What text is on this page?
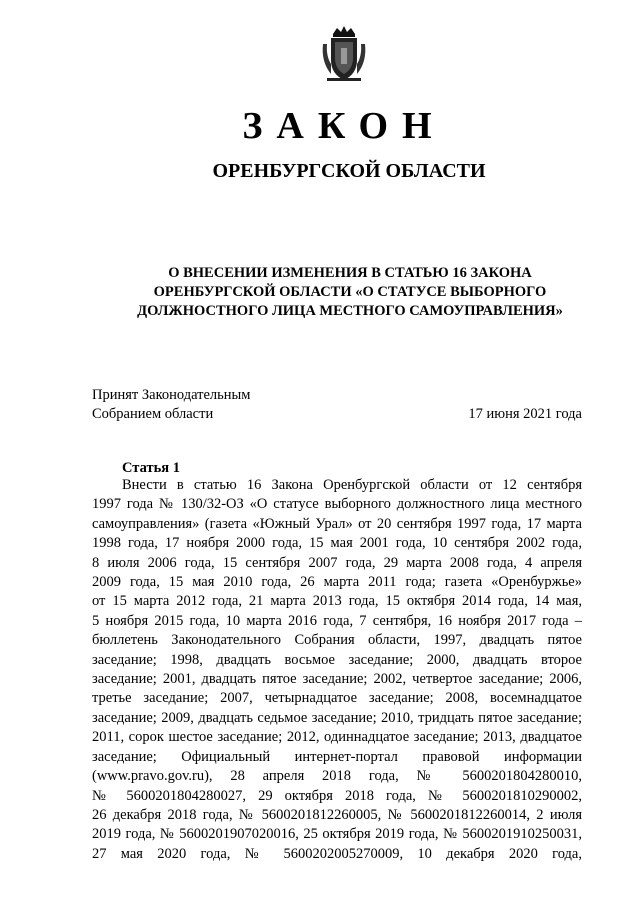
ЗАКОН
ОРЕНБУРГСКОЙ ОБЛАСТИ
О ВНЕСЕНИИ ИЗМЕНЕНИЯ В СТАТЬЮ 16 ЗАКОНА
ОРЕНБУРГСКОЙ ОБЛАСТИ «О СТАТУСЕ ВЫБОРНОГО
ДОЛЖНОСТНОГО ЛИЦА МЕСТНОГО САМОУПРАВЛЕНИЯ»
Принят Законодательным
Собранием области	17 июня 2021 года
Статья 1
Внести в статью 16 Закона Оренбургской области от 12 сентября
1997 года № 130/32-ОЗ «О статусе выборного должностного лица местного
самоуправления» (газета «Южный Урал» от 20 сентября 1997 года, 17 марта
1998 года, 17 ноября 2000 года, 15 мая 2001 года, 10 сентября 2002 года,
8 июля 2006 года, 15 сентября 2007 года, 29 марта 2008 года, 4 апреля
2009 года, 15 мая 2010 года, 26 марта 2011 года; газета «Оренбуржье»
от 15 марта 2012 года, 21 марта 2013 года, 15 октября 2014 года, 14 мая,
5 ноября 2015 года, 10 марта 2016 года, 7 сентября, 16 ноября 2017 года –
бюллетень Законодательного Собрания области, 1997, двадцать пятое
заседание; 1998, двадцать восьмое заседание; 2000, двадцать второе
заседание; 2001, двадцать пятое заседание; 2002, четвертое заседание; 2006,
третье заседание; 2007, четырнадцатое заседание; 2008, восемнадцатое
заседание; 2009, двадцать седьмое заседание; 2010, тридцать пятое заседание;
2011, сорок шестое заседание; 2012, одиннадцатое заседание; 2013, двадцатое
заседание; Официальный интернет-портал правовой информации
(www.pravo.gov.ru), 28 апреля 2018 года, № 5600201804280010,
№ 5600201804280027, 29 октября 2018 года, № 5600201810290002,
26 декабря 2018 года, № 5600201812260005, № 5600201812260014, 2 июля
2019 года, № 5600201907020016, 25 октября 2019 года, № 5600201910250031,
27 мая 2020 года, № 5600202005270009, 10 декабря 2020 года,
